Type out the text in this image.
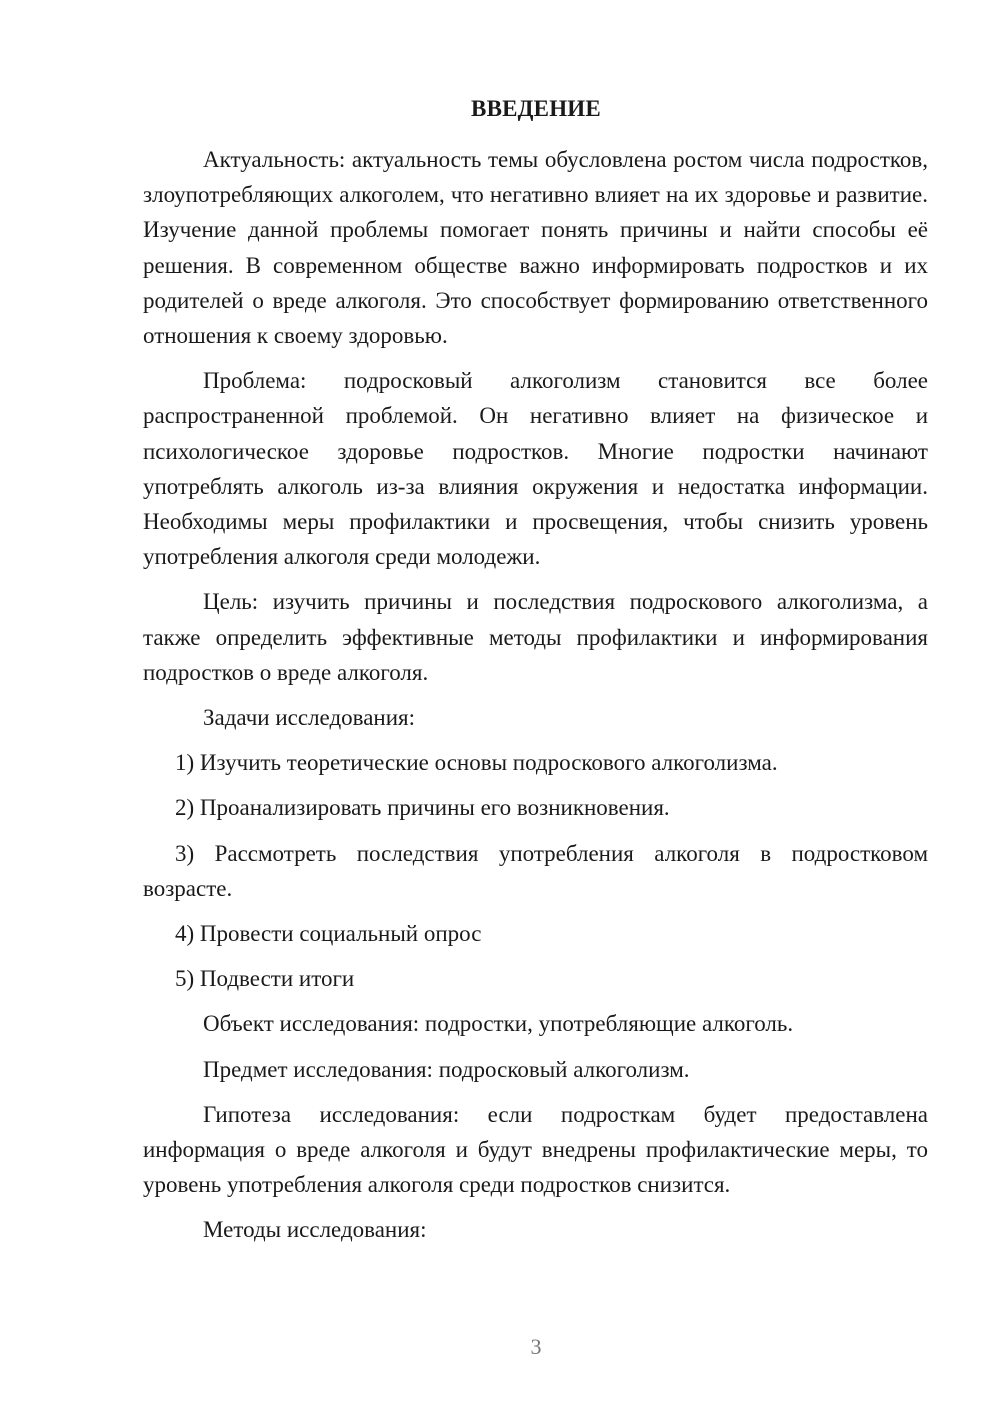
ВВЕДЕНИЕ

Актуальность: актуальность темы обусловлена ростом числа подростков, злоупотребляющих алкоголем, что негативно влияет на их здоровье и развитие. Изучение данной проблемы помогает понять причины и найти способы её решения. В современном обществе важно информировать подростков и их родителей о вреде алкоголя. Это способствует формированию ответственного отношения к своему здоровью.

Проблема: подросковый алкоголизм становится все более распространенной проблемой. Он негативно влияет на физическое и психологическое здоровье подростков. Многие подростки начинают употреблять алкоголь из-за влияния окружения и недостатка информации. Необходимы меры профилактики и просвещения, чтобы снизить уровень употребления алкоголя среди молодежи.

Цель: изучить причины и последствия подроскового алкоголизма, а также определить эффективные методы профилактики и информирования подростков о вреде алкоголя.

Задачи исследования:

1) Изучить теоретические основы подроскового алкоголизма.

2) Проанализировать причины его возникновения.

3) Рассмотреть последствия употребления алкоголя в подростковом возрасте.

4) Провести социальный опрос

5) Подвести итоги

Объект исследования: подростки, употребляющие алкоголь.

Предмет исследования: подросковый алкоголизм.

Гипотеза исследования: если подросткам будет предоставлена информация о вреде алкоголя и будут внедрены профилактические меры, то уровень употребления алкоголя среди подростков снизится.

Методы исследования:

3
